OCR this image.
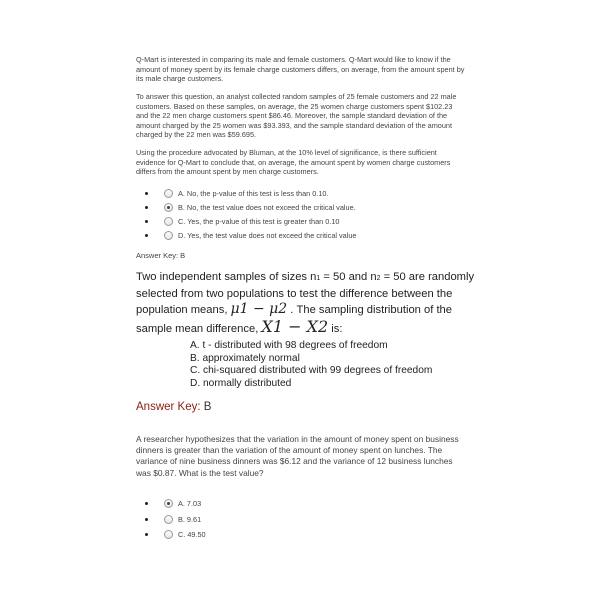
Q-Mart is interested in comparing its male and female customers. Q-Mart would like to know if the amount of money spent by its female charge customers differs, on average, from the amount spent by its male charge customers.

To answer this question, an analyst collected random samples of 25 female customers and 22 male customers. Based on these samples, on average, the 25 women charge customers spent $102.23 and the 22 men charge customers spent $86.46. Moreover, the sample standard deviation of the amount charged by the 25 women was $93.393, and the sample standard deviation of the amount charged by the 22 men was $59.695.

Using the procedure advocated by Bluman, at the 10% level of significance, is there sufficient evidence for Q-Mart to conclude that, on average, the amount spent by women charge customers differs from the amount spent by men charge customers.

A. No, the p-value of this test is less than 0.10.
B. No, the test value does not exceed the critical value.
C. Yes, the p-value of this test is greater than 0.10
D. Yes, the test value does not exceed the critical value
Answer Key: B

Two independent samples of sizes n1 = 50 and n2 = 50 are randomly selected from two populations to test the difference between the population means, μ1 − μ2 . The sampling distribution of the sample mean difference, X1 − X2 is:

A. t - distributed with 98 degrees of freedom
B. approximately normal
C. chi-squared distributed with 99 degrees of freedom
D. normally distributed
Answer Key: B

A researcher hypothesizes that the variation in the amount of money spent on business dinners is greater than the variation of the amount of money spent on lunches. The variance of nine business dinners was $6.12 and the variance of 12 business lunches was $0.87. What is the test value?

A. 7.03
B. 9.61
C. 49.50
